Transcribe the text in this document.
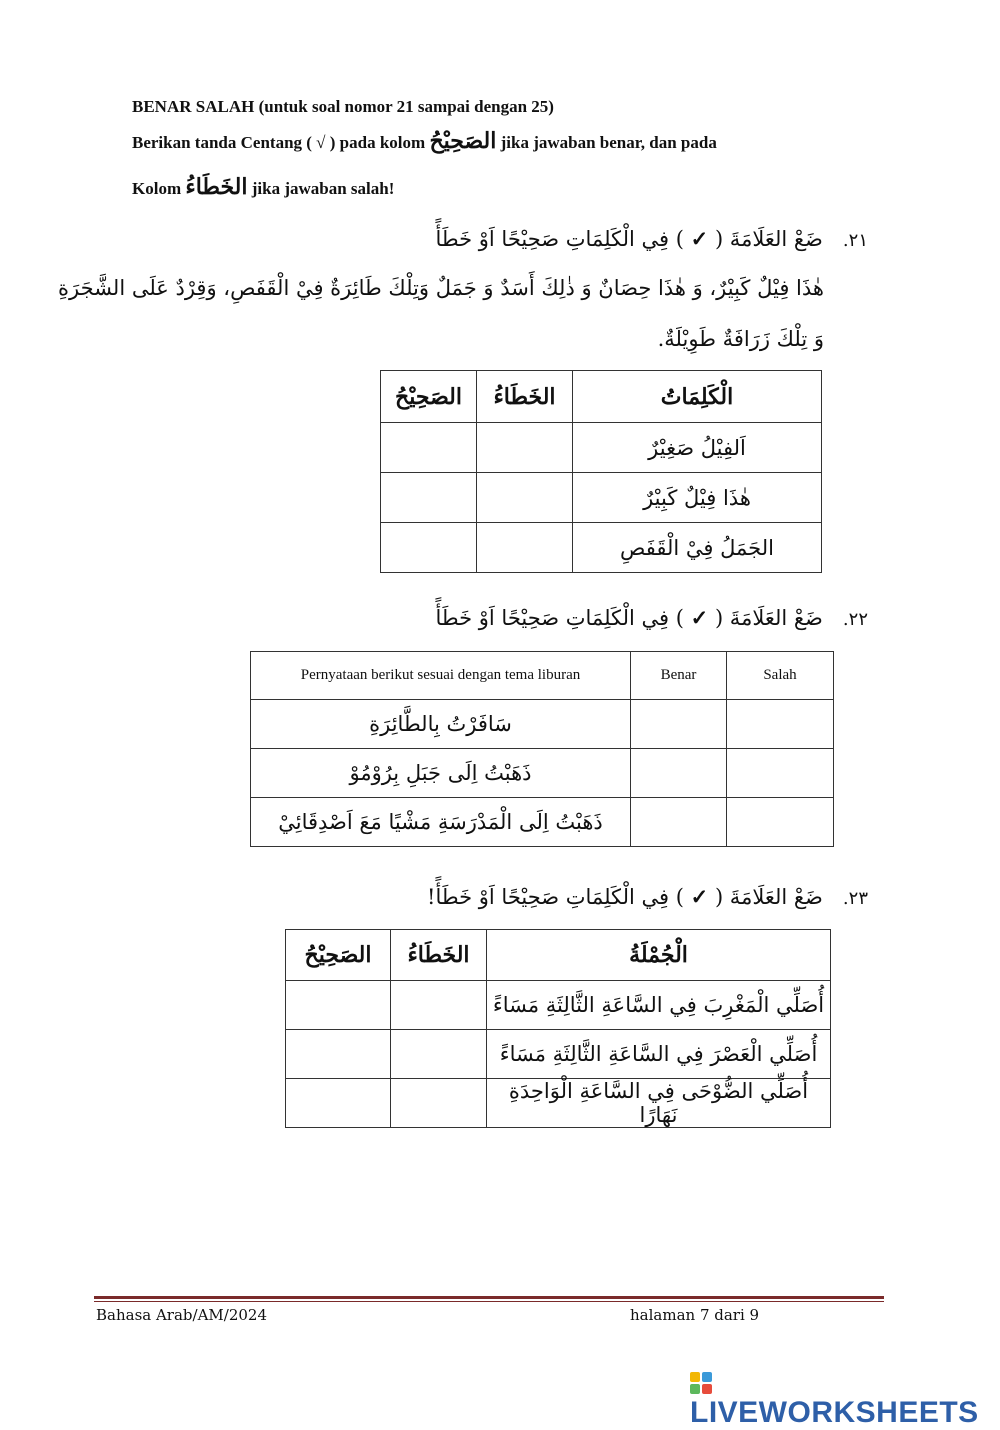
BENAR SALAH (untuk soal nomor 21 sampai dengan 25)
Berikan tanda Centang ( √ ) pada kolom الصَحِيْحُ jika jawaban benar, dan pada
Kolom الخَطَاءُ jika jawaban salah!
٢١.   ضَعْ العَلَامَةَ ( ✓ ) فِي الْكَلِمَاتِ صَحِيْحًا اَوْ خَطَأً
هٰذَا فِيْلٌ كَبِيْرٌ، وَ هٰذَا حِصَانٌ وَ ذٰلِكَ أَسَدٌ وَ جَمَلٌ وَتِلْكَ طَائِرَةٌ فِيْ الْقَفَصِ، وَقِرْدٌ عَلَى الشَّجَرَةِ
وَ تِلْكَ زَرَافَةٌ طَوِيْلَةٌ.
الصَحِيْحُ	الخَطَاءُ	الْكَلِمَاتُ
		اَلفِيْلُ صَغِيْرٌ
		هٰذَا فِيْلٌ كَبِيْرٌ
		الجَمَلُ فِيْ الْقَفَصِ
٢٢.   ضَعْ العَلَامَةَ ( ✓ ) فِي الْكَلِمَاتِ صَحِيْحًا اَوْ خَطَأً
Pernyataan berikut sesuai dengan tema liburan	Benar	Salah
سَافَرْتُ بِالطَّائِرَةِ		
ذَهَبْتُ اِلَى جَبَلِ بِرُوْمُوْ		
ذَهَبْتُ اِلَى الْمَدْرَسَةِ مَشْيًا مَعَ اَصْدِقَائِيْ		
٢٣.   ضَعْ العَلَامَةَ ( ✓ ) فِي الْكَلِمَاتِ صَحِيْحًا اَوْ خَطَأً!
الصَحِيْحُ	الخَطَاءُ	الْجُمْلَةُ
		أُصَلِّي الْمَغْرِبَ فِي السَّاعَةِ الثَّالِثَةِ مَسَاءً
		أُصَلِّي الْعَصْرَ فِي السَّاعَةِ الثَّالِثَةِ مَسَاءً
		أُصَلِّي الضُّوْحَى فِي السَّاعَةِ الْوَاحِدَةِ نَهَارًا
Bahasa Arab/AM/2024	halaman 7 dari 9
LIVEWORKSHEETS
